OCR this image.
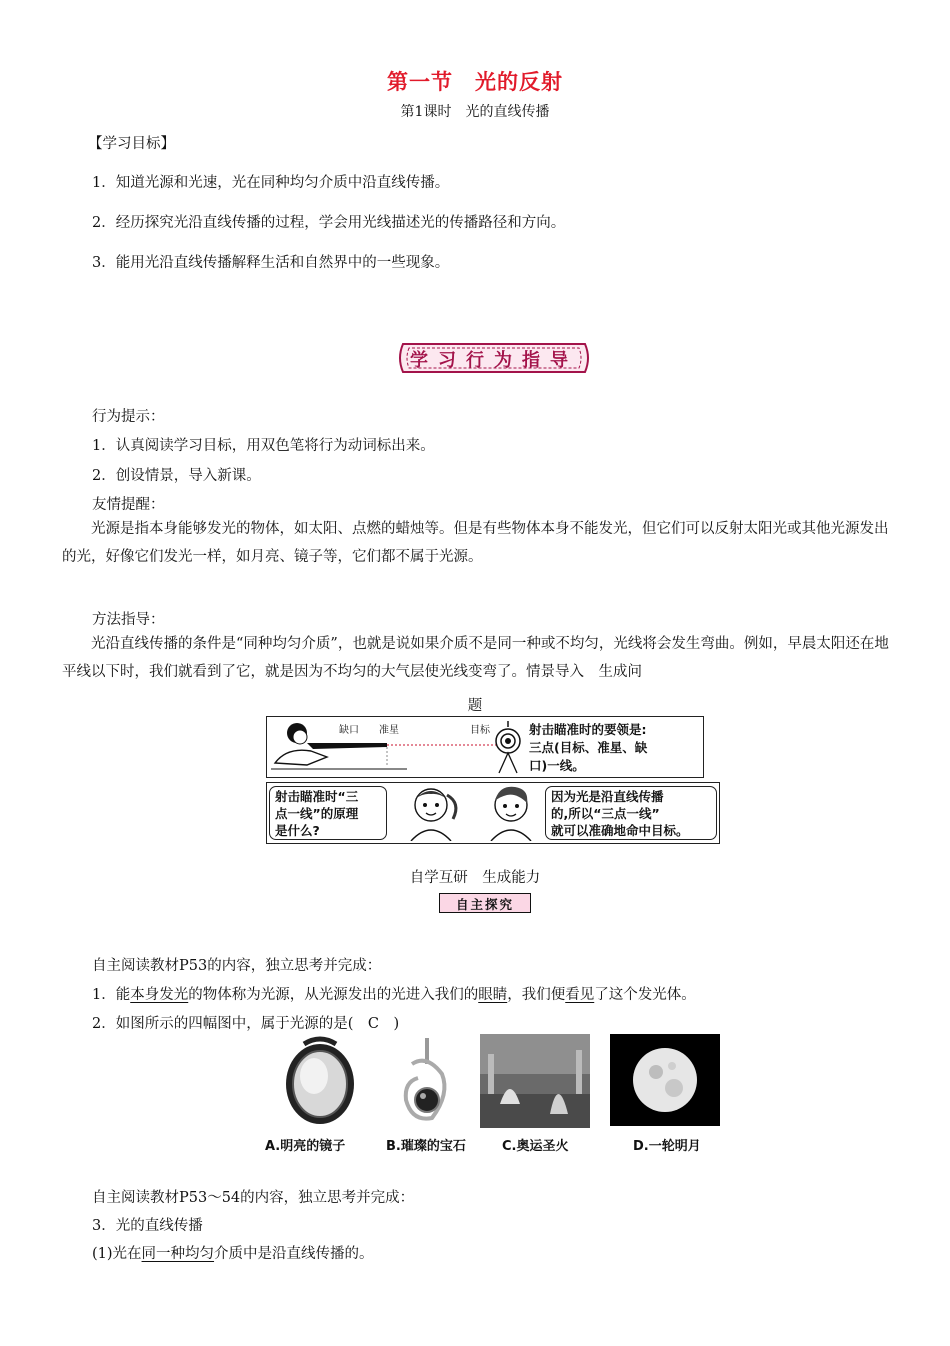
第一节　光的反射
第1课时　光的直线传播
【学习目标】
1．知道光源和光速，光在同种均匀介质中沿直线传播。
2．经历探究光沿直线传播的过程，学会用光线描述光的传播路径和方向。
3．能用光沿直线传播解释生活和自然界中的一些现象。
学习行为指导
行为提示：
1．认真阅读学习目标，用双色笔将行为动词标出来。
2．创设情景，导入新课。
友情提醒：
光源是指本身能够发光的物体，如太阳、点燃的蜡烛等。但是有些物体本身不能发光，但它们可以反射太阳光或其他光源发出的光，好像它们发光一样，如月亮、镜子等，它们都不属于光源。
方法指导：
光沿直线传播的条件是“同种均匀介质”，也就是说如果介质不是同一种或不均匀，光线将会发生弯曲。例如，早晨太阳还在地平线以下时，我们就看到了它，就是因为不均匀的大气层使光线变弯了。情景导入　生成问
题
缺口 准星	目标	射击瞄准时的要领是:
三点(目标、准星、缺
口)一线。
射击瞄准时“三
点一线”的原理
是什么?
因为光是沿直线传播
的,所以“三点一线”
就可以准确地命中目标。
自学互研　生成能力
自主探究
自主阅读教材P53的内容，独立思考并完成：
1．能本身发光的物体称为光源，从光源发出的光进入我们的眼睛，我们便看见了这个发光体。
2．如图所示的四幅图中，属于光源的是(　C　)
A.明亮的镜子	B.璀璨的宝石	C.奥运圣火	D.一轮明月
自主阅读教材P53～54的内容，独立思考并完成：
3．光的直线传播
(1)光在同一种均匀介质中是沿直线传播的。
